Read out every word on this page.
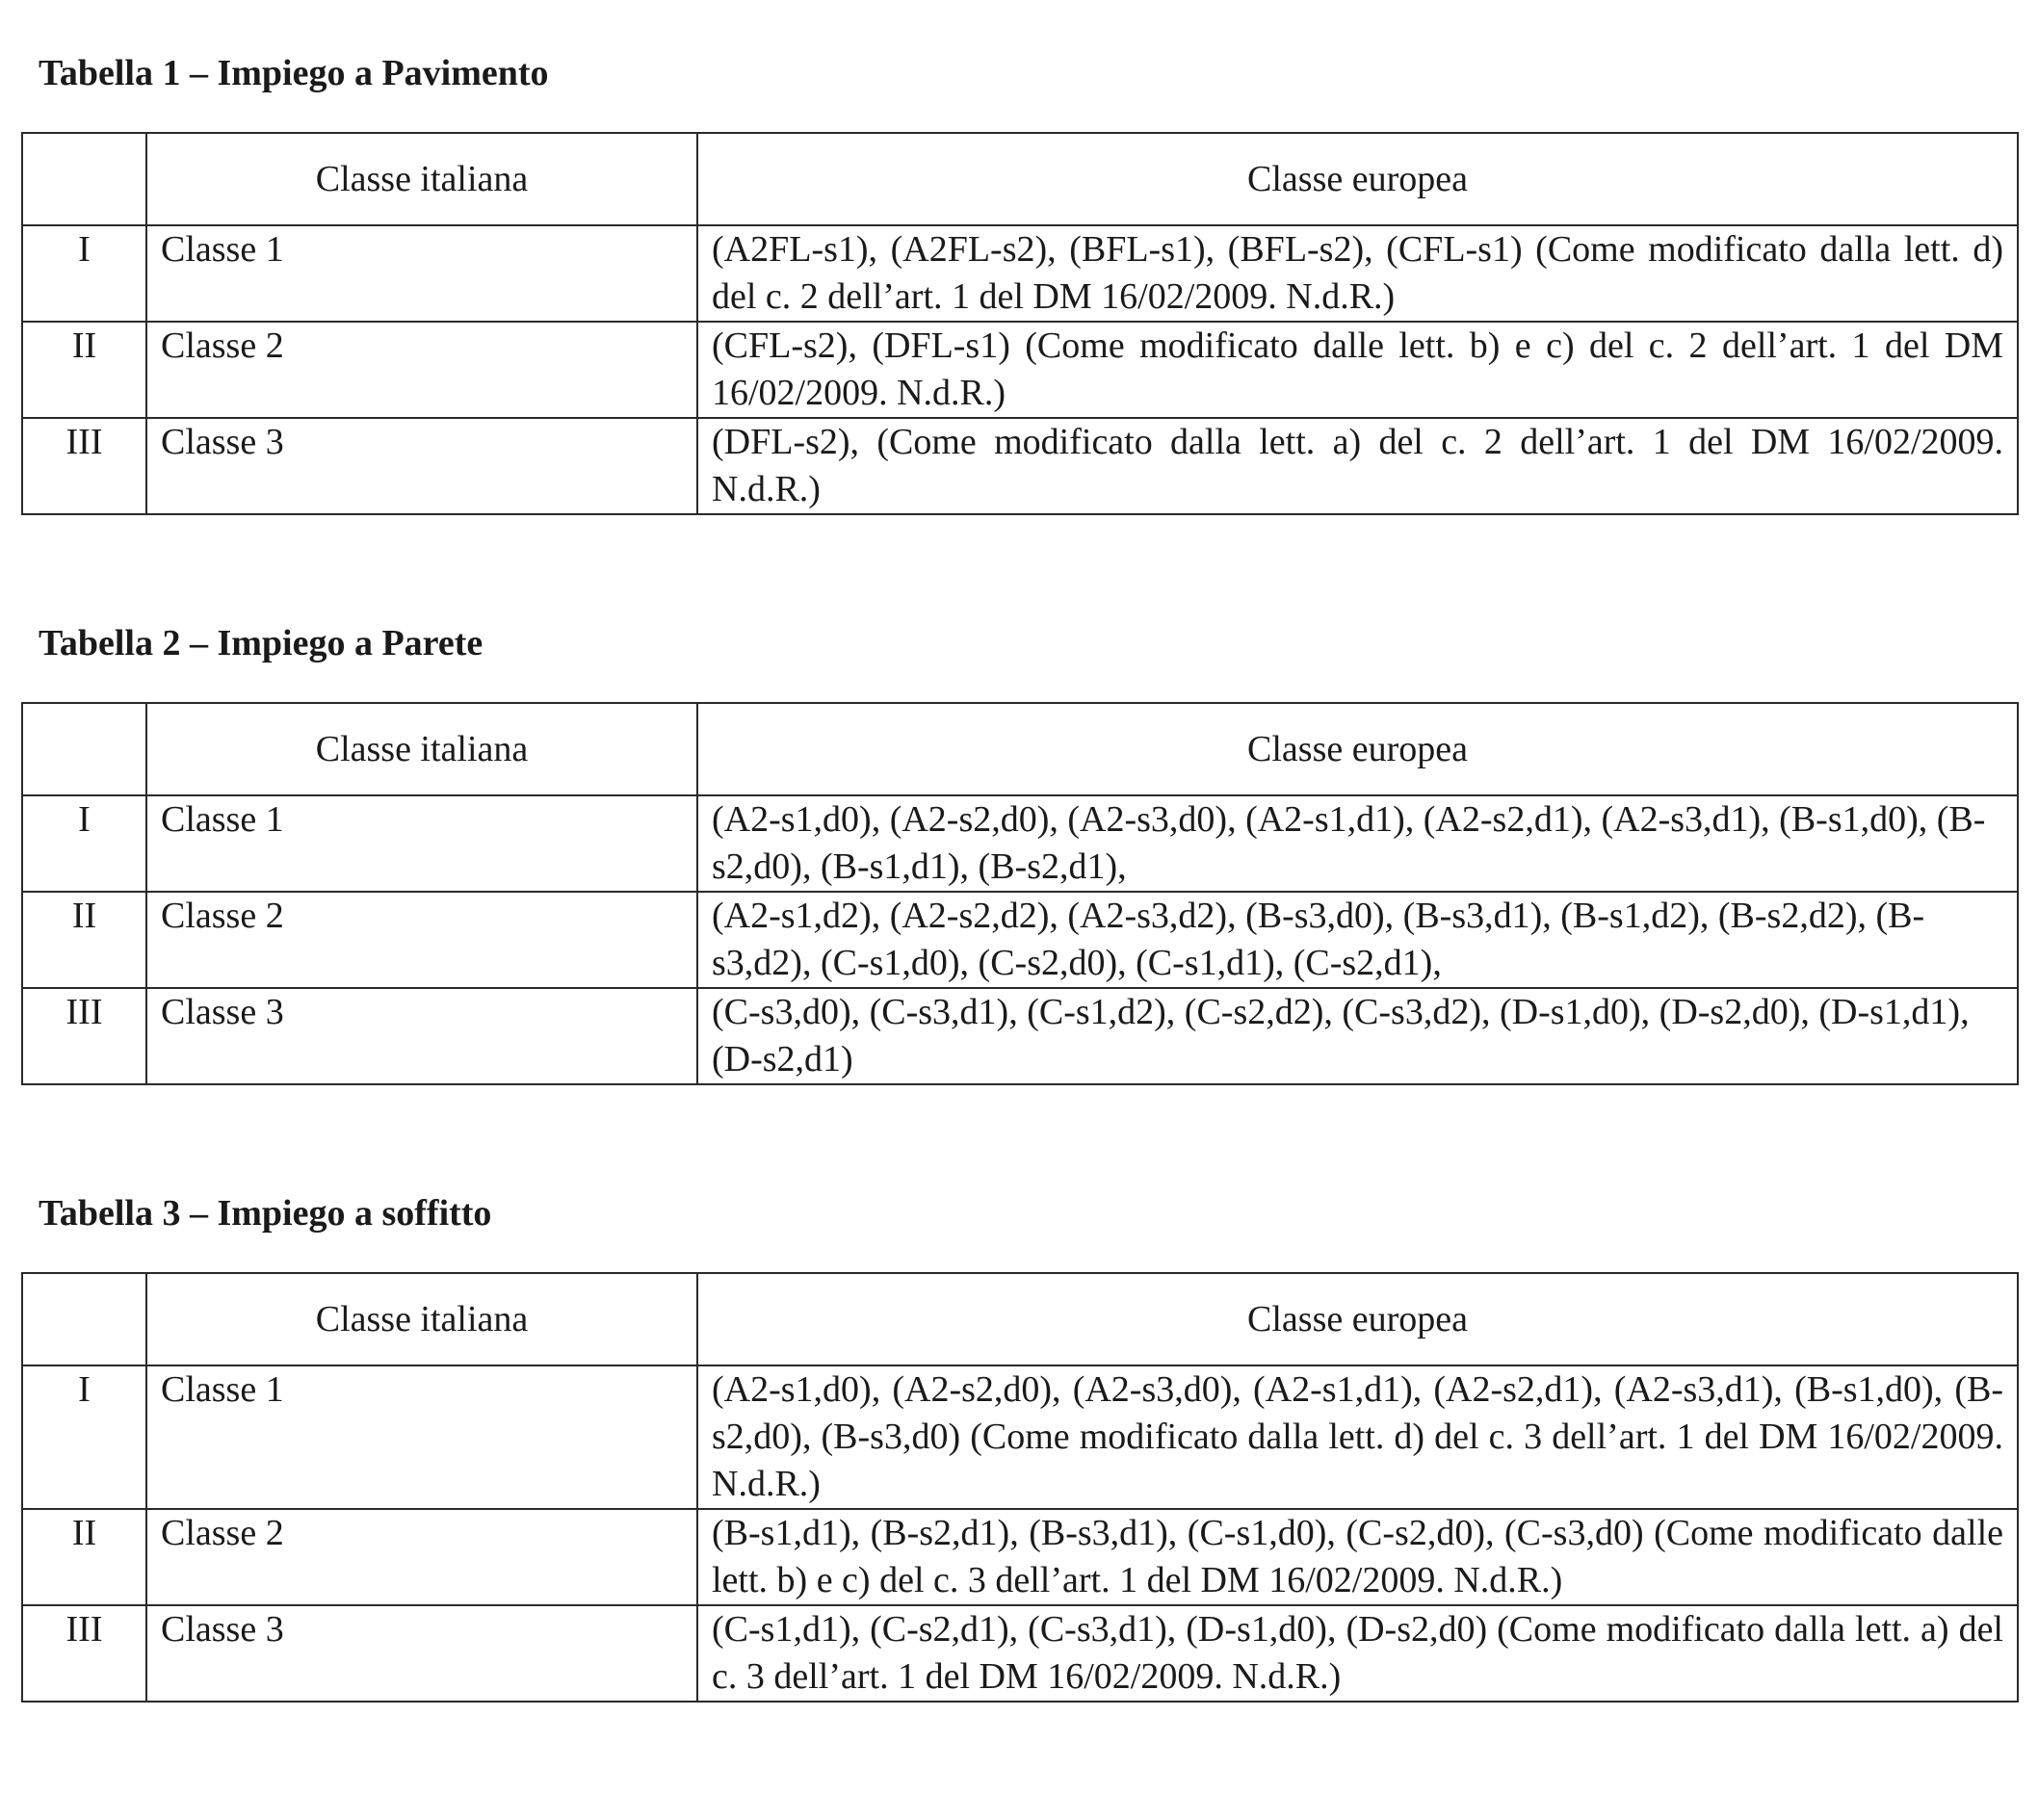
Tabella 1 – Impiego a Pavimento
	Classe italiana	Classe europea
I	Classe 1	(A2FL-s1), (A2FL-s2), (BFL-s1), (BFL-s2), (CFL-s1) (Come modificato dalla lett. d) del c. 2 dell’art. 1 del DM 16/02/2009. N.d.R.)
II	Classe 2	(CFL-s2), (DFL-s1) (Come modificato dalle lett. b) e c) del c. 2 dell’art. 1 del DM 16/02/2009. N.d.R.)
III	Classe 3	(DFL-s2), (Come modificato dalla lett. a) del c. 2 dell’art. 1 del DM 16/02/2009. N.d.R.)
Tabella 2 – Impiego a Parete
	Classe italiana	Classe europea
I	Classe 1	(A2-s1,d0), (A2-s2,d0), (A2-s3,d0), (A2-s1,d1), (A2-s2,d1), (A2-s3,d1), (B-s1,d0), (B-s2,d0), (B-s1,d1), (B-s2,d1),
II	Classe 2	(A2-s1,d2), (A2-s2,d2), (A2-s3,d2), (B-s3,d0), (B-s3,d1), (B-s1,d2), (B-s2,d2), (B-s3,d2), (C-s1,d0), (C-s2,d0), (C-s1,d1), (C-s2,d1),
III	Classe 3	(C-s3,d0), (C-s3,d1), (C-s1,d2), (C-s2,d2), (C-s3,d2), (D-s1,d0), (D-s2,d0), (D-s1,d1), (D-s2,d1)
Tabella 3 – Impiego a soffitto
	Classe italiana	Classe europea
I	Classe 1	(A2-s1,d0), (A2-s2,d0), (A2-s3,d0), (A2-s1,d1), (A2-s2,d1), (A2-s3,d1), (B-s1,d0), (B-s2,d0), (B-s3,d0) (Come modificato dalla lett. d) del c. 3 dell’art. 1 del DM 16/02/2009. N.d.R.)
II	Classe 2	(B-s1,d1), (B-s2,d1), (B-s3,d1), (C-s1,d0), (C-s2,d0), (C-s3,d0) (Come modificato dalle lett. b) e c) del c. 3 dell’art. 1 del DM 16/02/2009. N.d.R.)
III	Classe 3	(C-s1,d1), (C-s2,d1), (C-s3,d1), (D-s1,d0), (D-s2,d0) (Come modificato dalla lett. a) del c. 3 dell’art. 1 del DM 16/02/2009. N.d.R.)
